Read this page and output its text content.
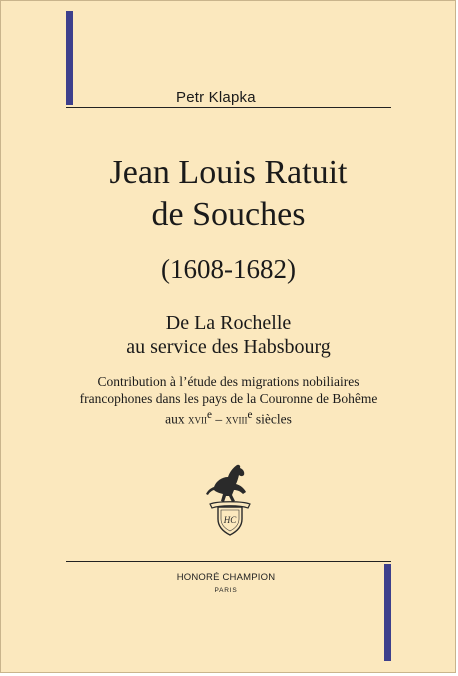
Petr Klapka
Jean Louis Ratuit
de Souches
(1608-1682)
De La Rochelle
au service des Habsbourg
Contribution à l’étude des migrations nobiliaires
francophones dans les pays de la Couronne de Bohême
aux xvii$^e$ – xviii$^e$ siècles
HC
HONORÉ CHAMPION
PARIS
